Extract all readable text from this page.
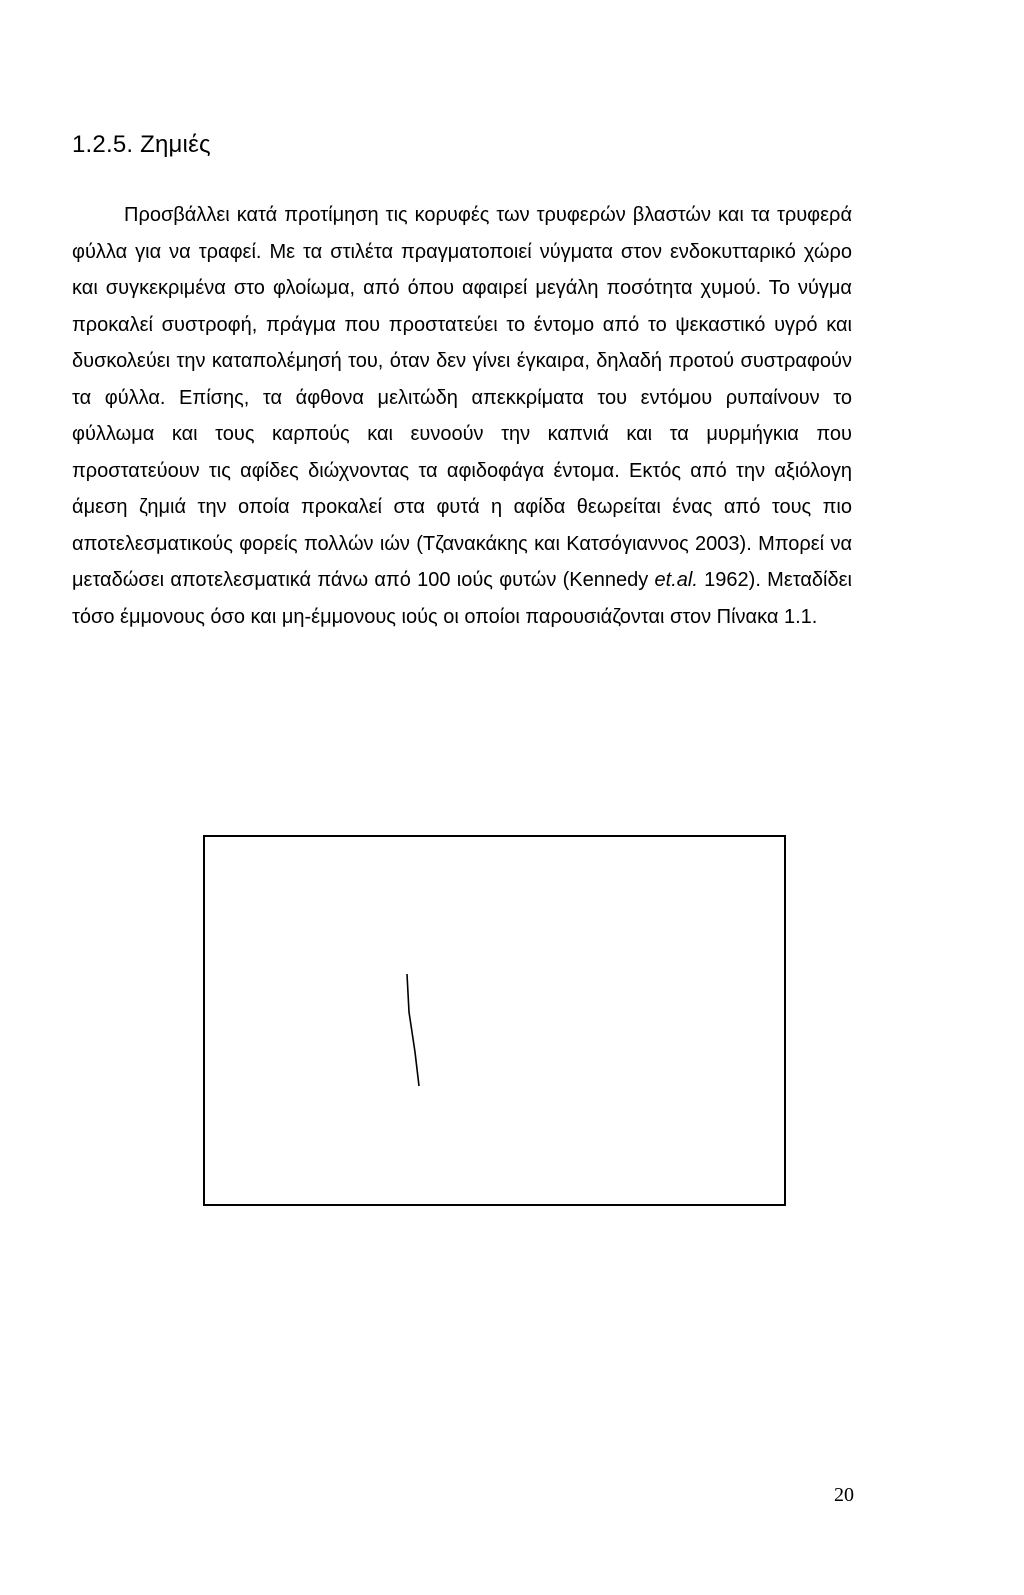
1.2.5. Ζημιές

Προσβάλλει κατά προτίμηση τις κορυφές των τρυφερών βλαστών και τα τρυφερά φύλλα για να τραφεί. Με τα στιλέτα πραγματοποιεί νύγματα στον ενδοκυτταρικό χώρο και συγκεκριμένα στο φλοίωμα, από όπου αφαιρεί μεγάλη ποσότητα χυμού. Το νύγμα προκαλεί συστροφή, πράγμα που προστατεύει το έντομο από το ψεκαστικό υγρό και δυσκολεύει την καταπολέμησή του, όταν δεν γίνει έγκαιρα, δηλαδή προτού συστραφούν τα φύλλα. Επίσης, τα άφθονα μελιτώδη απεκκρίματα του εντόμου ρυπαίνουν το φύλλωμα και τους καρπούς και ευνοούν την καπνιά και τα μυρμήγκια που προστατεύουν τις αφίδες διώχνοντας τα αφιδοφάγα έντομα. Εκτός από την αξιόλογη άμεση ζημιά την οποία προκαλεί στα φυτά η αφίδα θεωρείται ένας από τους πιο αποτελεσματικούς φορείς πολλών ιών (Τζανακάκης και Κατσόγιαννος 2003). Μπορεί να μεταδώσει αποτελεσματικά πάνω από 100 ιούς φυτών (Kennedy et.al. 1962). Μεταδίδει τόσο έμμονους όσο και μη-έμμονους ιούς οι οποίοι παρουσιάζονται στον Πίνακα 1.1.

20
